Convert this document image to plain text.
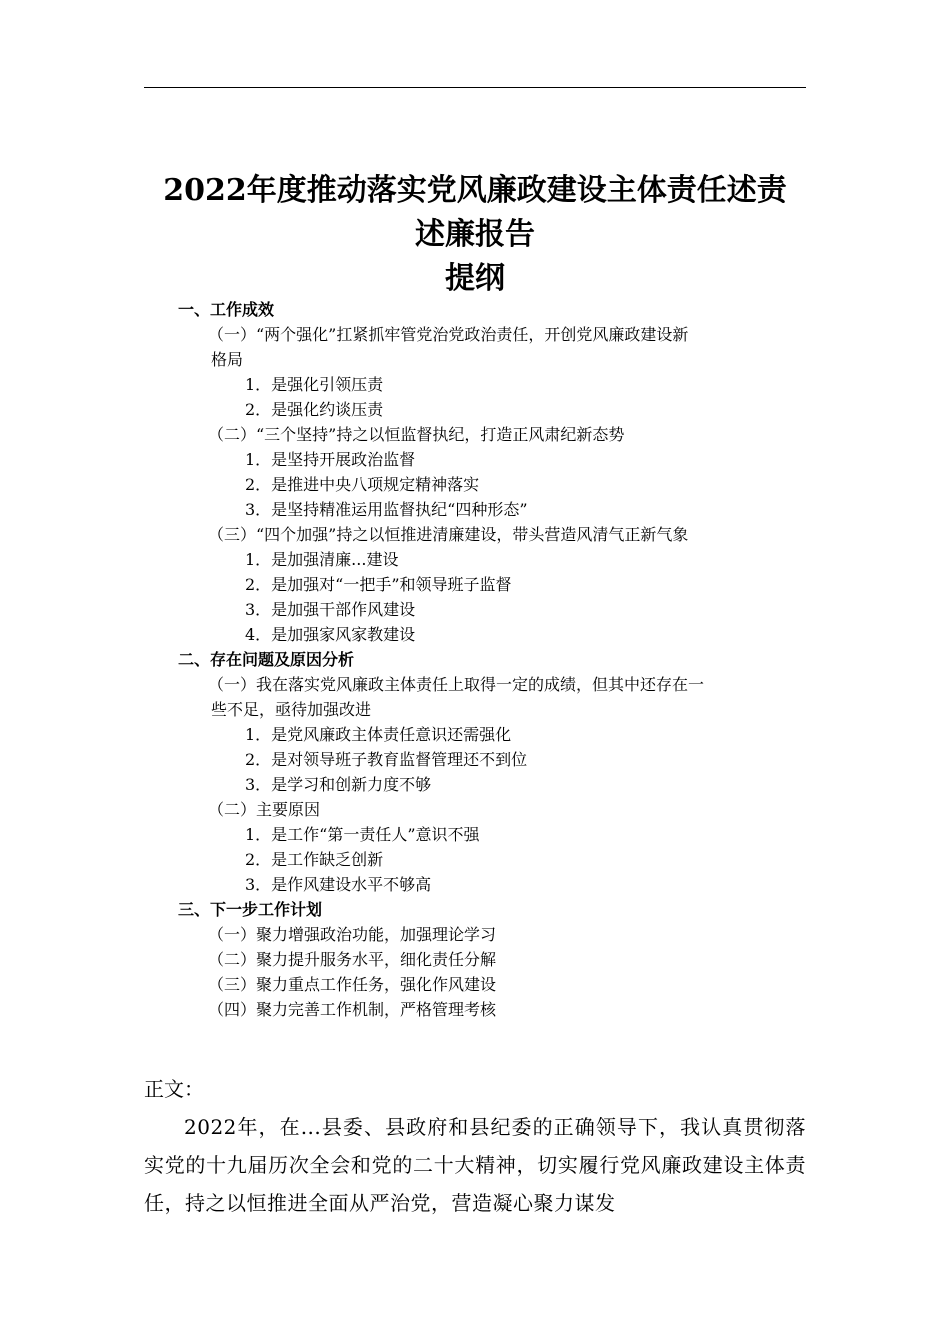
2022年度推动落实党风廉政建设主体责任述责
述廉报告
提纲
一、工作成效
（一）“两个强化”扛紧抓牢管党治党政治责任，开创党风廉政建设新
格局
1．是强化引领压责
2．是强化约谈压责
（二）“三个坚持”持之以恒监督执纪，打造正风肃纪新态势
1．是坚持开展政治监督
2．是推进中央八项规定精神落实
3．是坚持精准运用监督执纪“四种形态”
（三）“四个加强”持之以恒推进清廉建设，带头营造风清气正新气象
1．是加强清廉...建设
2．是加强对“一把手”和领导班子监督
3．是加强干部作风建设
4．是加强家风家教建设
二、存在问题及原因分析
（一）我在落实党风廉政主体责任上取得一定的成绩，但其中还存在一
些不足，亟待加强改进
1．是党风廉政主体责任意识还需强化
2．是对领导班子教育监督管理还不到位
3．是学习和创新力度不够
（二）主要原因
1．是工作“第一责任人”意识不强
2．是工作缺乏创新
3．是作风建设水平不够高
三、下一步工作计划
（一）聚力增强政治功能，加强理论学习
（二）聚力提升服务水平，细化责任分解
（三）聚力重点工作任务，强化作风建设
（四）聚力完善工作机制，严格管理考核
正文：
2022年，在...县委、县政府和县纪委的正确领导下，我认真贯彻落实党的十九届历次全会和党的二十大精神，切实履行党风廉政建设主体责任，持之以恒推进全面从严治党，营造凝心聚力谋发
